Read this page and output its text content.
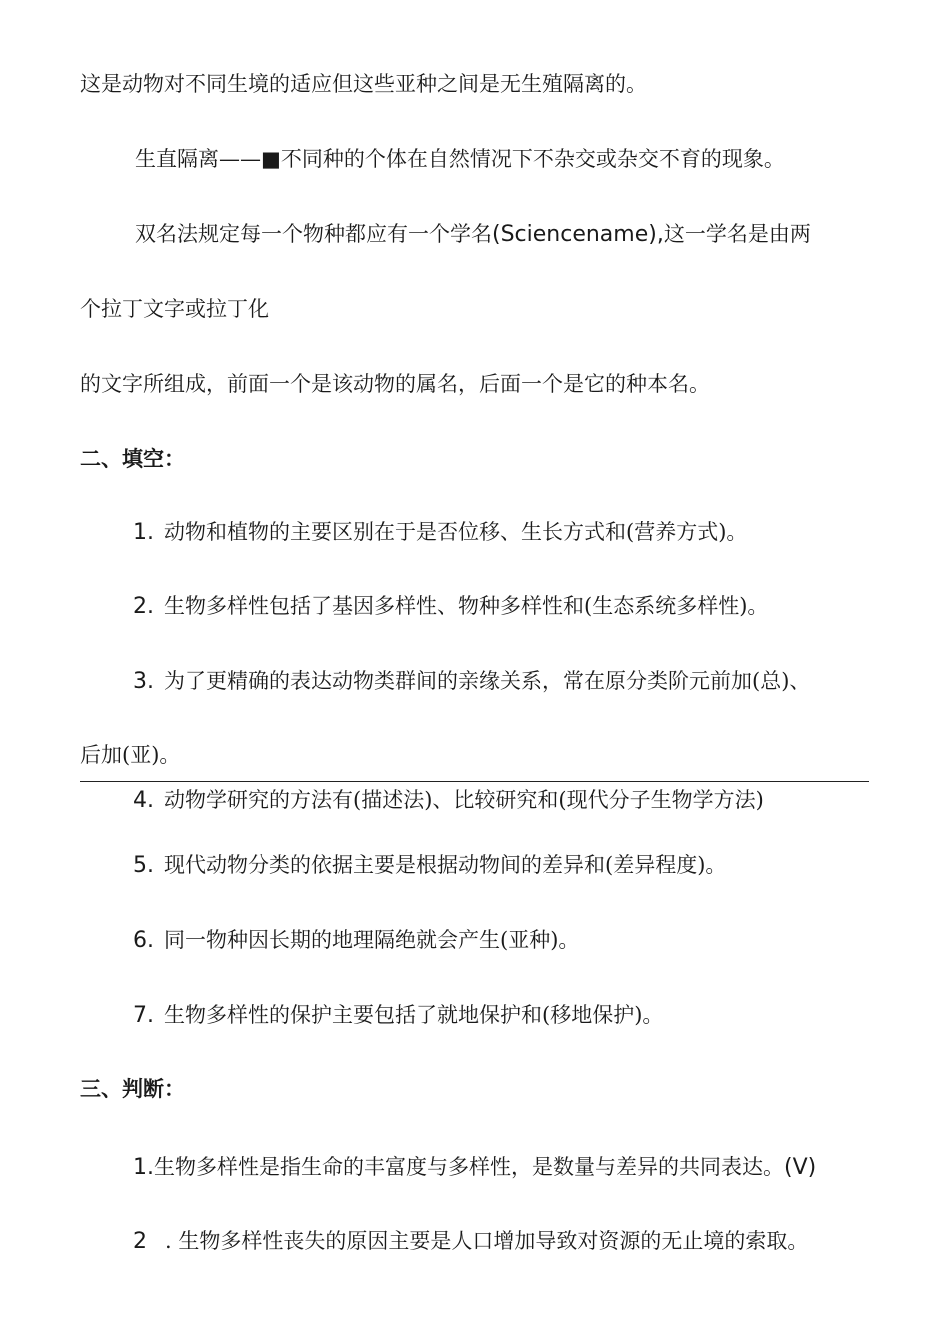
这是动物对不同生境的适应但这些亚种之间是无生殖隔离的。
生直隔离——■不同种的个体在自然情况下不杂交或杂交不育的现象。
双名法规定每一个物种都应有一个学名(Sciencename),这一学名是由两
个拉丁文字或拉丁化
的文字所组成，前面一个是该动物的属名，后面一个是它的种本名。
二、填空：
1. 动物和植物的主要区别在于是否位移、生长方式和(营养方式)。
2. 生物多样性包括了基因多样性、物种多样性和(生态系统多样性)。
3. 为了更精确的表达动物类群间的亲缘关系，常在原分类阶元前加(总)、
后加(亚)。
4. 动物学研究的方法有(描述法)、比较研究和(现代分子生物学方法)
5. 现代动物分类的依据主要是根据动物间的差异和(差异程度)。
6. 同一物种因长期的地理隔绝就会产生(亚种)。
7. 生物多样性的保护主要包括了就地保护和(移地保护)。
三、判断：
1.生物多样性是指生命的丰富度与多样性，是数量与差异的共同表达。(V)
2 . 生物多样性丧失的原因主要是人口增加导致对资源的无止境的索取。
